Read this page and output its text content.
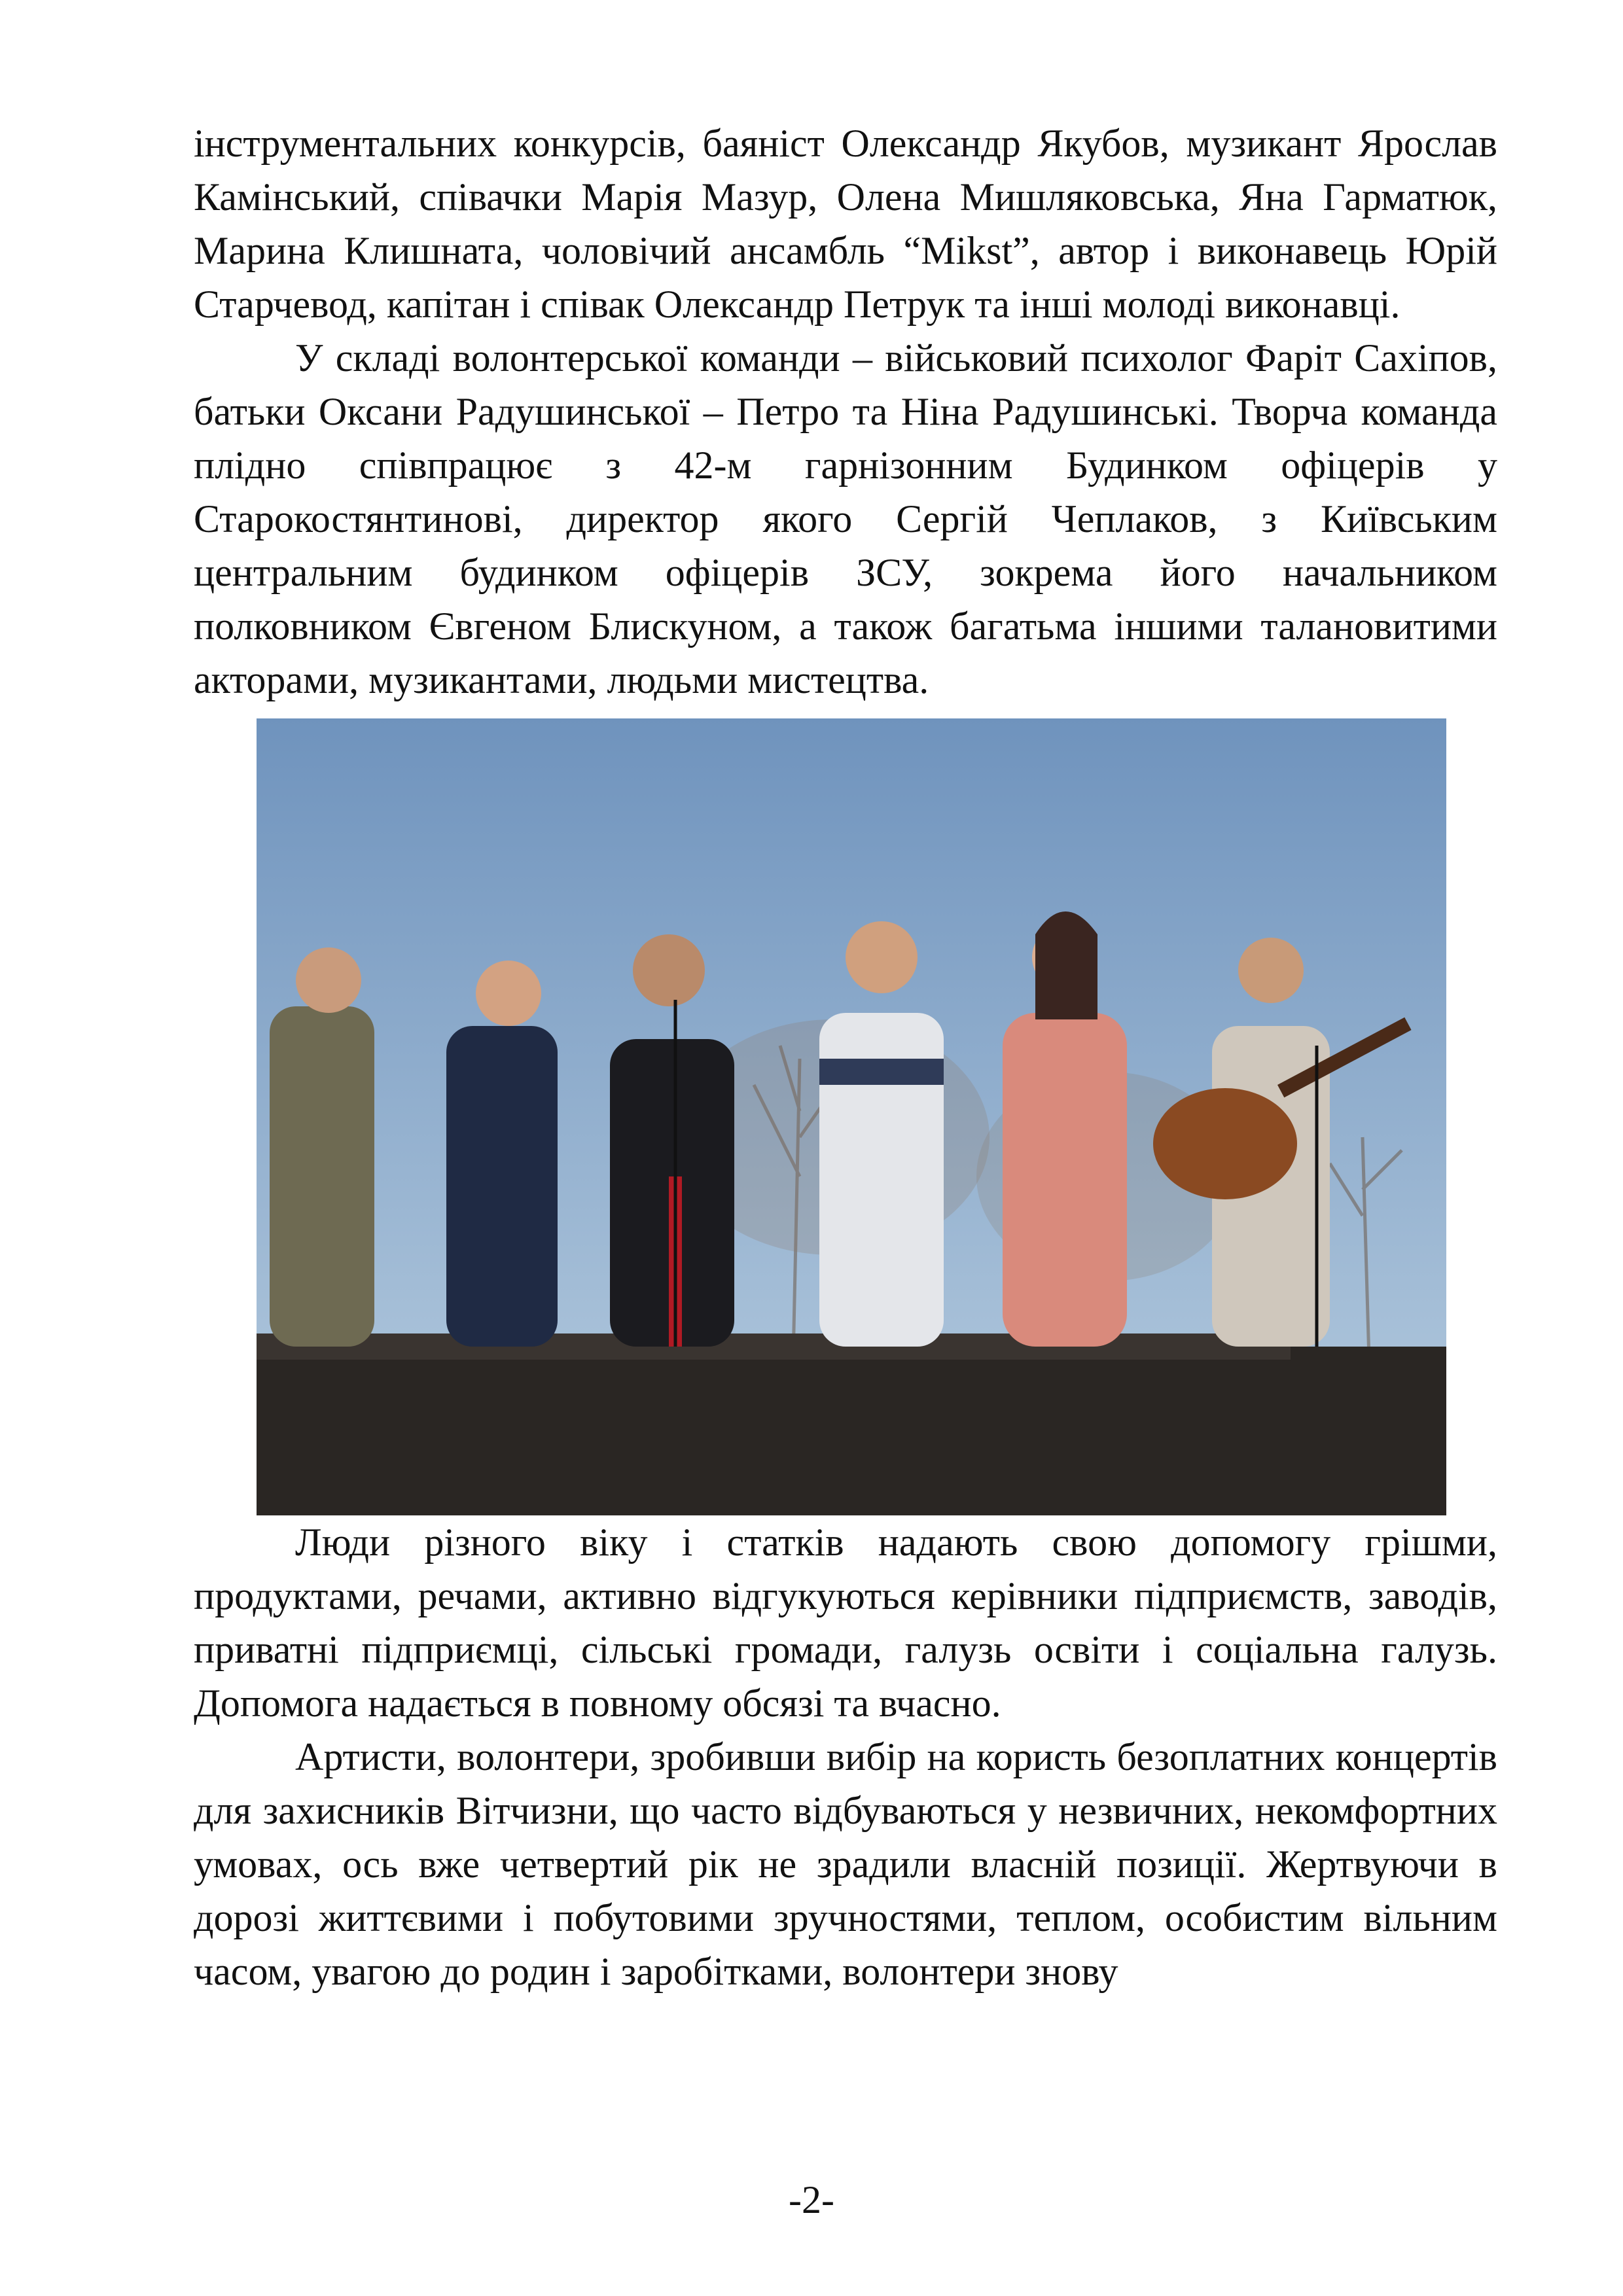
інструментальних конкурсів, баяніст Олександр Якубов, музикант Ярослав Камінський, співачки Марія Мазур, Олена Мишляковська, Яна Гарматюк, Марина Клишната, чоловічий ансамбль “Mikst”, автор і виконавець Юрій Старчевод, капітан і співак Олександр Петрук та інші молоді виконавці.

У складі волонтерської команди – військовий психолог Фаріт Сахіпов, батьки Оксани Радушинської – Петро та Ніна Радушинські. Творча команда плідно співпрацює з 42-м гарнізонним Будинком офіцерів у Старокостянтинові, директор якого Сергій Чеплаков, з Київським центральним будинком офіцерів ЗСУ, зокрема його начальником полковником Євгеном Блискуном, а також багатьма іншими талановитими акторами, музикантами, людьми мистецтва.

Люди різного віку і статків надають свою допомогу грішми, продуктами, речами, активно відгукуються керівники підприємств, заводів, приватні підприємці, сільські громади, галузь освіти і соціальна галузь. Допомога надається в повному обсязі та вчасно.

Артисти, волонтери, зробивши вибір на користь безоплатних концертів для захисників Вітчизни, що часто відбуваються у незвичних, некомфортних умовах, ось вже четвертий рік не зрадили власній позиції. Жертвуючи в дорозі життєвими і побутовими зручностями, теплом, особистим вільним часом, увагою до родин і заробітками, волонтери знову

-2-
